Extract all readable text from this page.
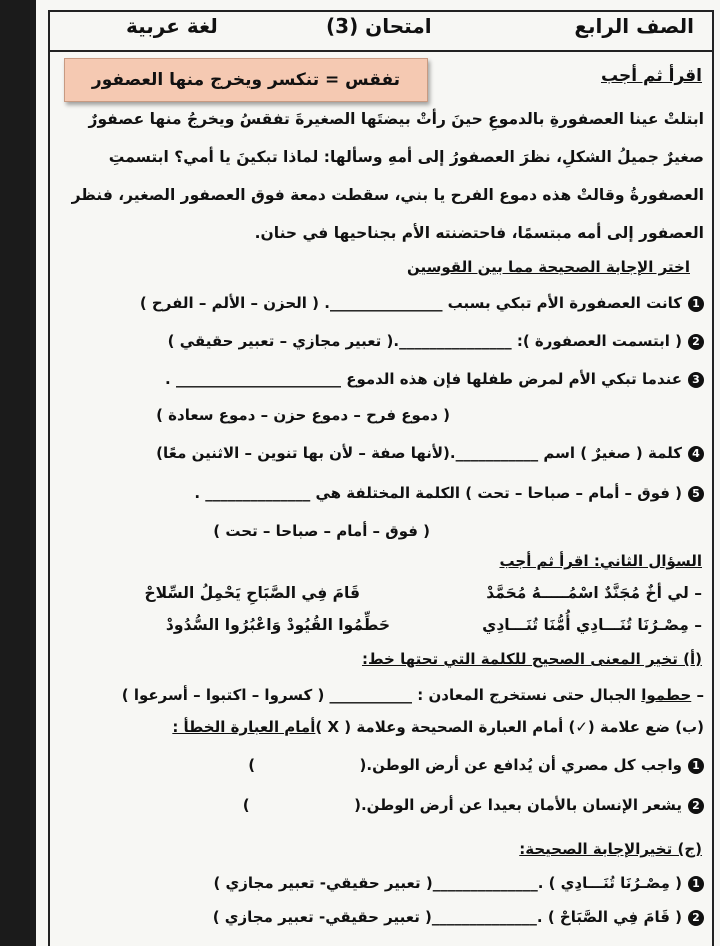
الصف الرابع
امتحان (3)
لغة عربية
اقرأ ثم أجب
تفقس = تنكسر ويخرج منها العصفور
ابتلتْ عينا العصفورةِ بالدموعِ حينَ رأتْ بيضتَها الصغيرةَ تفقسُ ويخرجُ منها عصفورٌ
صغيرٌ جميلُ الشكلِ، نظرَ العصفورُ إلى أمهِ وسألها: لماذا تبكينَ يا أمي؟ ابتسمتِ
العصفورةُ وقالتْ هذه دموع الفرح يا بني، سقطت دمعة فوق العصفور الصغير، فنظر
العصفور إلى أمه مبتسمًا، فاحتضنته الأم بجناحيها في حنان.
اختر الإجابة الصحيحة مما بين القوسين
1كانت العصفورة الأم تبكي بسبب _______________. ( الحزن – الألم – الفرح )
2( ابتسمت العصفورة ): _______________.( تعبير مجازي – تعبير حقيقي )
3عندما تبكي الأم لمرض طفلها فإن هذه الدموع ______________________ .
( دموع فرح – دموع حزن – دموع سعادة )
4كلمة ( صغيرٌ ) اسم ___________.(لأنها صفة – لأن بها تنوين – الاثنين معًا)
5( فوق – أمام – صباحا – تحت ) الكلمة المختلفة هي ______________ .
( فوق – أمام – صباحا – تحت )
السؤال الثاني: اقرأ ثم أجب
– لي أخٌ مُجَنَّدٌ اسْمُـــــهُ مُحَمَّدْ
قَامَ فِي الصَّبَاحِ يَحْمِلُ السِّلاحْ
– مِصْـرُنَا تُنَـــادِي أُمُّنَا تُنَـــادِي
حَطِّمُوا القُيُودْ وَاعْبُرُوا السُّدُودْ
(أ) تخير المعنى الصحيح للكلمة التي تحتها خط:
– حطموا الجبال حتى نستخرج المعادن : ___________ ( كسروا – اكتبوا – أسرعوا )
(ب) ضع علامة (✓) أمام العبارة الصحيحة وعلامة ( X )أمام العبارة الخطأ :
1واجب كل مصري أن يُدافع عن أرض الوطن.(                    )
2يشعر الإنسان بالأمان بعيدا عن أرض الوطن.(                    )
(ج) تخيرالإجابة الصحيحة:
1( مِصْـرُنَا تُنَـــادِي ) .______________( تعبير حقيقي- تعبير مجازي )
2( قَامَ فِي الصَّبَاحْ ) .______________( تعبير حقيقي- تعبير مجازي )
